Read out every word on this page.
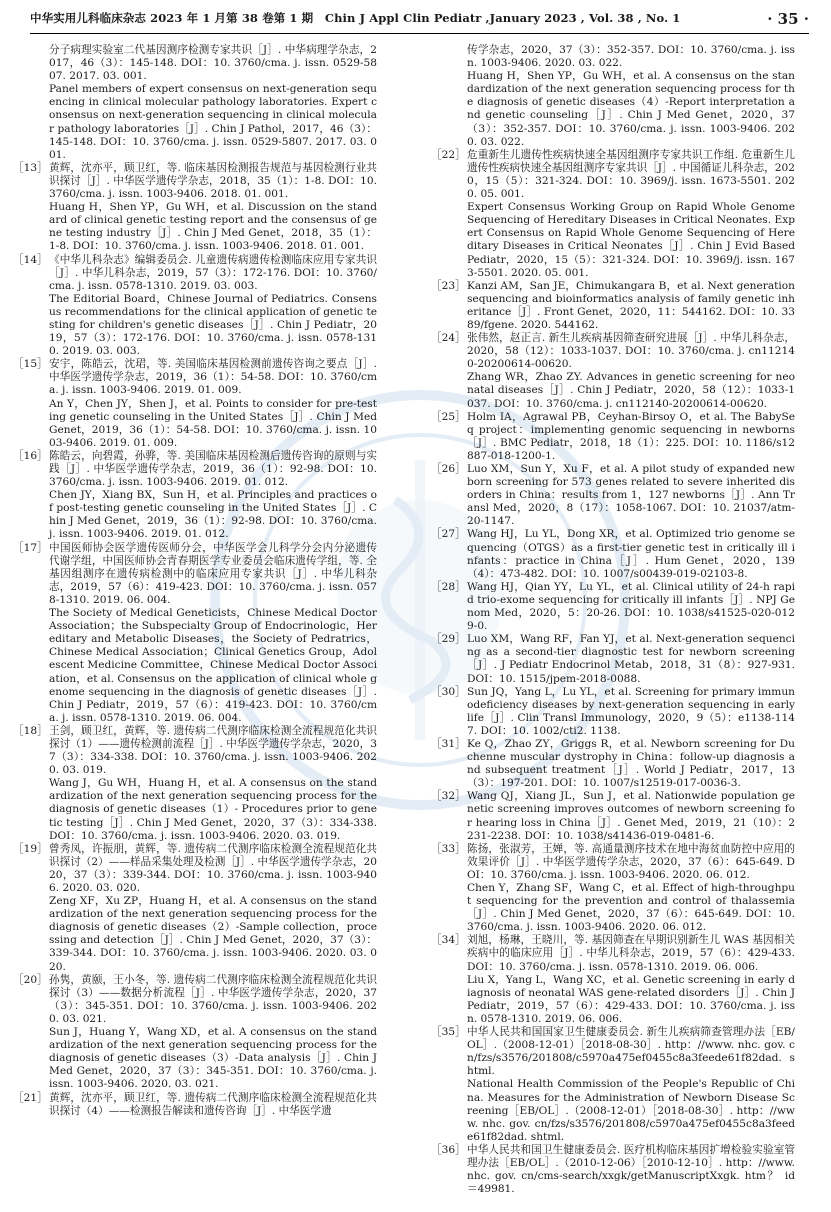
中华实用儿科临床杂志 2023 年 1 月第 38 卷第 1 期　Chin J Appl Clin Pediatr ,January 2023 , Vol. 38 , No. 1	· 35 ·

分子病理实验室二代基因测序检测专家共识［J］. 中华病理学杂志，2017，46（3）：145-148. DOI：10. 3760/cma. j. issn. 0529-5807. 2017. 03. 001.

Panel members of expert consensus on next-generation sequencing in clinical molecular pathology laboratories. Expert consensus on next-generation sequencing in clinical molecular pathology laboratories［J］. Chin J Pathol，2017，46（3）：145-148. DOI：10. 3760/cma. j. issn. 0529-5807. 2017. 03. 001.

［13］ 黄辉，沈亦平，顾卫红，等. 临床基因检测报告规范与基因检测行业共识探讨［J］. 中华医学遗传学杂志，2018，35（1）：1-8. DOI：10. 3760/cma. j. issn. 1003-9406. 2018. 01. 001.

Huang H，Shen YP，Gu WH，et al. Discussion on the standard of clinical genetic testing report and the consensus of gene testing industry［J］. Chin J Med Genet，2018，35（1）：1-8. DOI：10. 3760/cma. j. issn. 1003-9406. 2018. 01. 001.

［14］ 《中华儿科杂志》编辑委员会. 儿童遗传病遗传检测临床应用专家共识［J］. 中华儿科杂志，2019，57（3）：172-176. DOI：10. 3760/cma. j. issn. 0578-1310. 2019. 03. 003.

The Editorial Board，Chinese Journal of Pediatrics. Consensus recommendations for the clinical application of genetic testing for children's genetic diseases［J］. Chin J Pediatr，2019，57（3）：172-176. DOI：10. 3760/cma. j. issn. 0578-1310. 2019. 03. 003.

［15］ 安宇，陈皓云，沈珺，等. 美国临床基因检测前遗传咨询之要点［J］. 中华医学遗传学杂志，2019，36（1）：54-58. DOI：10. 3760/cma. j. issn. 1003-9406. 2019. 01. 009.

An Y，Chen JY，Shen J，et al. Points to consider for pre-testing genetic counseling in the United States［J］. Chin J Med Genet，2019，36（1）：54-58. DOI：10. 3760/cma. j. issn. 1003-9406. 2019. 01. 009.

［16］ 陈皓云，向碧霞，孙骅，等. 美国临床基因检测后遗传咨询的原则与实践［J］. 中华医学遗传学杂志，2019，36（1）：92-98. DOI：10. 3760/cma. j. issn. 1003-9406. 2019. 01. 012.

Chen JY，Xiang BX，Sun H，et al. Principles and practices of post-testing genetic counseling in the United States［J］. Chin J Med Genet，2019，36（1）：92-98. DOI：10. 3760/cma. j. issn. 1003-9406. 2019. 01. 012.

［17］ 中国医师协会医学遗传医师分会，中华医学会儿科学分会内分泌遗传代谢学组，中国医师协会青春期医学专业委员会临床遗传学组，等. 全基因组测序在遗传病检测中的临床应用专家共识［J］. 中华儿科杂志，2019，57（6）：419-423. DOI：10. 3760/cma. j. issn. 0578-1310. 2019. 06. 004.

The Society of Medical Geneticists，Chinese Medical Doctor Association；the Subspecialty Group of Endocrinologic，Hereditary and Metabolic Diseases，the Society of Pedratrics，Chinese Medical Association；Clinical Genetics Group，Adolescent Medicine Committee，Chinese Medical Doctor Association，et al. Consensus on the application of clinical whole genome sequencing in the diagnosis of genetic diseases［J］. Chin J Pediatr，2019，57（6）：419-423. DOI：10. 3760/cma. j. issn. 0578-1310. 2019. 06. 004.

［18］ 王剑，顾卫红，黄辉，等. 遗传病二代测序临床检测全流程规范化共识探讨（1）——遗传检测前流程［J］. 中华医学遗传学杂志，2020，37（3）：334-338. DOI：10. 3760/cma. j. issn. 1003-9406. 2020. 03. 019.

Wang J，Gu WH，Huang H，et al. A consensus on the standardization of the next generation sequencing process for the diagnosis of genetic diseases（1）- Procedures prior to genetic testing［J］. Chin J Med Genet，2020，37（3）：334-338. DOI：10. 3760/cma. j. issn. 1003-9406. 2020. 03. 019.

［19］ 曾秀凤，许振朋，黄辉，等. 遗传病二代测序临床检测全流程规范化共识探讨（2）——样品采集处理及检测［J］. 中华医学遗传学杂志，2020，37（3）：339-344. DOI：10. 3760/cma. j. issn. 1003-9406. 2020. 03. 020.

Zeng XF，Xu ZP，Huang H，et al. A consensus on the standardization of the next generation sequencing process for the diagnosis of genetic diseases（2）-Sample collection，processing and detection［J］. Chin J Med Genet，2020，37（3）：339-344. DOI：10. 3760/cma. j. issn. 1003-9406. 2020. 03. 020.

［20］ 孙隽，黄颐，王小冬，等. 遗传病二代测序临床检测全流程规范化共识探讨（3）——数据分析流程［J］. 中华医学遗传学杂志，2020，37（3）：345-351. DOI：10. 3760/cma. j. issn. 1003-9406. 2020. 03. 021.

Sun J，Huang Y，Wang XD，et al. A consensus on the standardization of the next generation sequencing process for the diagnosis of genetic diseases（3）-Data analysis［J］. Chin J Med Genet，2020，37（3）：345-351. DOI：10. 3760/cma. j. issn. 1003-9406. 2020. 03. 021.

［21］ 黄辉，沈亦平，顾卫红，等. 遗传病二代测序临床检测全流程规范化共识探讨（4）——检测报告解读和遗传咨询［J］. 中华医学遗

传学杂志，2020，37（3）：352-357. DOI：10. 3760/cma. j. issn. 1003-9406. 2020. 03. 022.

Huang H，Shen YP，Gu WH，et al. A consensus on the standardization of the next generation sequencing process for the diagnosis of genetic diseases（4）-Report interpretation and genetic counseling［J］. Chin J Med Genet，2020，37（3）：352-357. DOI：10. 3760/cma. j. issn. 1003-9406. 2020. 03. 022.

［22］ 危重新生儿遗传性疾病快速全基因组测序专家共识工作组. 危重新生儿遗传性疾病快速全基因组测序专家共识［J］. 中国循证儿科杂志，2020，15（5）：321-324. DOI：10. 3969/j. issn. 1673-5501. 2020. 05. 001.

Expert Consensus Working Group on Rapid Whole Genome Sequencing of Hereditary Diseases in Critical Neonates. Expert Consensus on Rapid Whole Genome Sequencing of Hereditary Diseases in Critical Neonates［J］. Chin J Evid Based Pediatr，2020，15（5）：321-324. DOI：10. 3969/j. issn. 1673-5501. 2020. 05. 001.

［23］ Kanzi AM，San JE，Chimukangara B，et al. Next generation sequencing and bioinformatics analysis of family genetic inheritance［J］. Front Genet，2020，11：544162. DOI：10. 3389/fgene. 2020. 544162.

［24］ 张伟然，赵正言. 新生儿疾病基因筛查研究进展［J］. 中华儿科杂志，2020，58（12）：1033-1037. DOI：10. 3760/cma. j. cn112140-20200614-00620.

Zhang WR，Zhao ZY. Advances in genetic screening for neonatal diseases［J］. Chin J Pediatr，2020，58（12）：1033-1037. DOI：10. 3760/cma. j. cn112140-20200614-00620.

［25］ Holm IA，Agrawal PB，Ceyhan-Birsoy O，et al. The BabySeq project：implementing genomic sequencing in newborns［J］. BMC Pediatr，2018，18（1）：225. DOI：10. 1186/s12887-018-1200-1.

［26］ Luo XM，Sun Y，Xu F，et al. A pilot study of expanded newborn screening for 573 genes related to severe inherited disorders in China：results from 1，127 newborns［J］. Ann Transl Med，2020，8（17）：1058-1067. DOI：10. 21037/atm-20-1147.

［27］ Wang HJ，Lu YL，Dong XR，et al. Optimized trio genome sequencing（OTGS）as a first-tier genetic test in critically ill infants：practice in China［J］. Hum Genet，2020，139（4）：473-482. DOI：10. 1007/s00439-019-02103-8.

［28］ Wang HJ，Qian YY，Lu YL，et al. Clinical utility of 24-h rapid trio-exome sequencing for critically ill infants［J］. NPJ Genom Med，2020，5：20-26. DOI：10. 1038/s41525-020-0129-0.

［29］ Luo XM，Wang RF，Fan YJ，et al. Next-generation sequencing as a second-tier diagnostic test for newborn screening［J］. J Pediatr Endocrinol Metab，2018，31（8）：927-931. DOI：10. 1515/jpem-2018-0088.

［30］ Sun JQ，Yang L，Lu YL，et al. Screening for primary immunodeficiency diseases by next-generation sequencing in early life［J］. Clin Transl Immunology，2020，9（5）：e1138-1147. DOI：10. 1002/cti2. 1138.

［31］ Ke Q，Zhao ZY，Griggs R，et al. Newborn screening for Duchenne muscular dystrophy in China：follow-up diagnosis and subsequent treatment［J］. World J Pediatr，2017，13（3）：197-201. DOI：10. 1007/s12519-017-0036-3.

［32］ Wang QJ，Xiang JL，Sun J，et al. Nationwide population genetic screening improves outcomes of newborn screening for hearing loss in China［J］. Genet Med，2019，21（10）：2231-2238. DOI：10. 1038/s41436-019-0481-6.

［33］ 陈扬，张淑芳，王婵，等. 高通量测序技术在地中海贫血防控中应用的效果评价［J］. 中华医学遗传学杂志，2020，37（6）：645-649. DOI：10. 3760/cma. j. issn. 1003-9406. 2020. 06. 012.

Chen Y，Zhang SF，Wang C，et al. Effect of high-throughput sequencing for the prevention and control of thalassemia［J］. Chin J Med Genet，2020，37（6）：645-649. DOI：10. 3760/cma. j. issn. 1003-9406. 2020. 06. 012.

［34］ 刘旭，杨琳，王晓川，等. 基因筛查在早期识别新生儿 WAS 基因相关疾病中的临床应用［J］. 中华儿科杂志，2019，57（6）：429-433. DOI：10. 3760/cma. j. issn. 0578-1310. 2019. 06. 006.

Liu X，Yang L，Wang XC，et al. Genetic screening in early diagnosis of neonatal WAS gene-related disorders［J］. Chin J Pediatr，2019，57（6）：429-433. DOI：10. 3760/cma. j. issn. 0578-1310. 2019. 06. 006.

［35］ 中华人民共和国国家卫生健康委员会. 新生儿疾病筛查管理办法［EB/OL］.（2008-12-01）［2018-08-30］. http：//www. nhc. gov. cn/fzs/s3576/201808/c5970a475ef0455c8a3feede61f82dad. shtml.

National Health Commission of the People's Republic of China. Measures for the Administration of Newborn Disease Screening［EB/OL］.（2008-12-01）［2018-08-30］. http：//www. nhc. gov. cn/fzs/s3576/201808/c5970a475ef0455c8a3feede61f82dad. shtml.

［36］ 中华人民共和国卫生健康委员会. 医疗机构临床基因扩增检验实验室管理办法［EB/OL］.（2010-12-06）［2010-12-10］. http：//www. nhc. gov. cn/cms-search/xxgk/getManuscriptXxgk. htm？ id＝49981.
